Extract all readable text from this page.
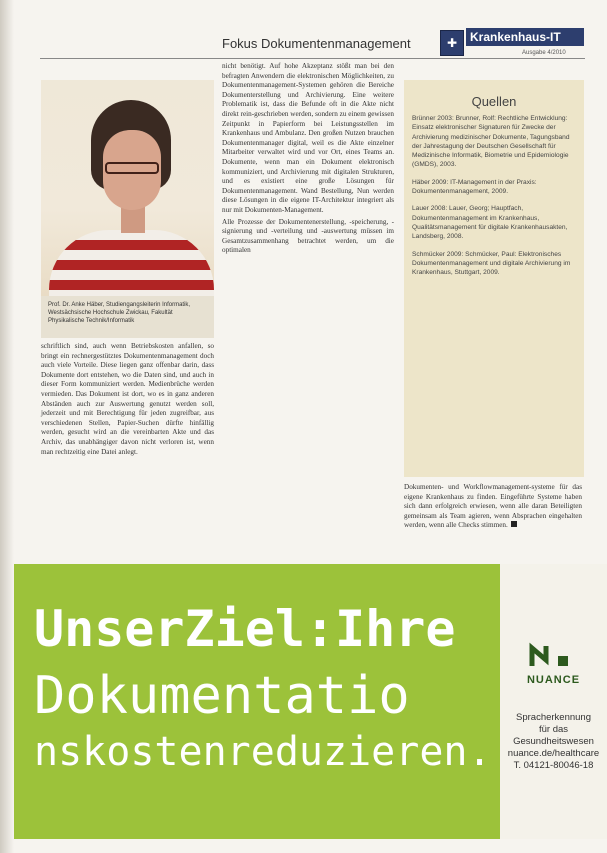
Fokus Dokumentenmanagement	✚	Krankenhaus-IT
Ausgabe 4/2010
Prof. Dr. Anke Häber, Studiengangsleiterin Informatik, Westsächsische Hochschule Zwickau, Fakultät Physikalische Technik/Informatik

schriftlich sind, auch wenn Betriebskosten anfallen, so bringt ein rechnergestütztes Dokumentenmanagement doch auch viele Vorteile. Diese liegen ganz offenbar darin, dass Dokumente dort entstehen, wo die Daten sind, und auch in dieser Form kommuniziert werden. Medienbrüche werden vermieden. Das Dokument ist dort, wo es in ganz anderen Abständen auch zur Auswertung genutzt werden soll, jederzeit und mit Berechtigung für jeden zugreifbar, aus verschiedenen Stellen, Papier-Suchen dürfte hinfällig werden, gesucht wird an die vereinbarten Akte und das Archiv, das unabhängiger davon nicht verloren ist, wenn man rechtzeitig eine Datei anlegt.

nicht benötigt. Auf hohe Akzeptanz stößt man bei den befragten Anwendern die elektronischen Möglichkeiten, zu Dokumentenmanagement-Systemen gehören die Bereiche Dokumenterstellung und Archivierung. Eine weitere Problematik ist, dass die Befunde oft in die Akte nicht direkt rein-geschrieben werden, sondern zu einem gewissen Zeitpunkt in Papierform bei Leistungsstellen im Krankenhaus und Ambulanz. Den großen Nutzen brauchen Dokumentenmanager digital, weil es die Akte einzelner Mitarbeiter verwaltet wird und vor Ort, eines Teams an. Dokumente, wenn man ein Dokument elektronisch kommuniziert, und Archivierung mit digitalen Strukturen, und es existiert eine große Lösungen für Dokumentenmanagement. Wand Bestellung, Nun werden diese Lösungen in die eigene IT-Architektur integriert als nur mit Dokumenten-Management.

Alle Prozesse der Dokumentenerstellung, -speicherung, -signierung und -verteilung und -auswertung müssen im Gesamtzusammenhang betrachtet werden, um die optimalen

Quellen

Brünner 2003: Brunner, Rolf: Rechtliche Entwicklung: Einsatz elektronischer Signaturen für Zwecke der Archivierung medizinischer Dokumente, Tagungsband der Jahrestagung der Deutschen Gesellschaft für Medizinische Informatik, Biometrie und Epidemiologie (GMDS), 2003.

Häber 2009: IT-Management in der Praxis: Dokumentenmanagement, 2009.

Lauer 2008: Lauer, Georg; Hauptfach, Dokumentenmanagement im Krankenhaus, Qualitätsmanagement für digitale Krankenhausakten, Landsberg, 2008.

Schmücker 2009: Schmücker, Paul: Elektronisches Dokumentenmanagement und digitale Archivierung im Krankenhaus, Stuttgart, 2009.

Dokumenten- und Workflowmanagement-systeme für das eigene Krankenhaus zu finden. Eingeführte Systeme haben sich dann erfolgreich erwiesen, wenn alle daran Beteiligten gemeinsam als Team agieren, wenn Absprachen eingehalten werden, wenn alle Checks stimmen.

UnserZiel:Ihre
Dokumentatio
nskostenreduzieren.
NUANCE
Spracherkennung
für das
Gesundheitswesen
nuance.de/healthcare
T. 04121-80046-18
